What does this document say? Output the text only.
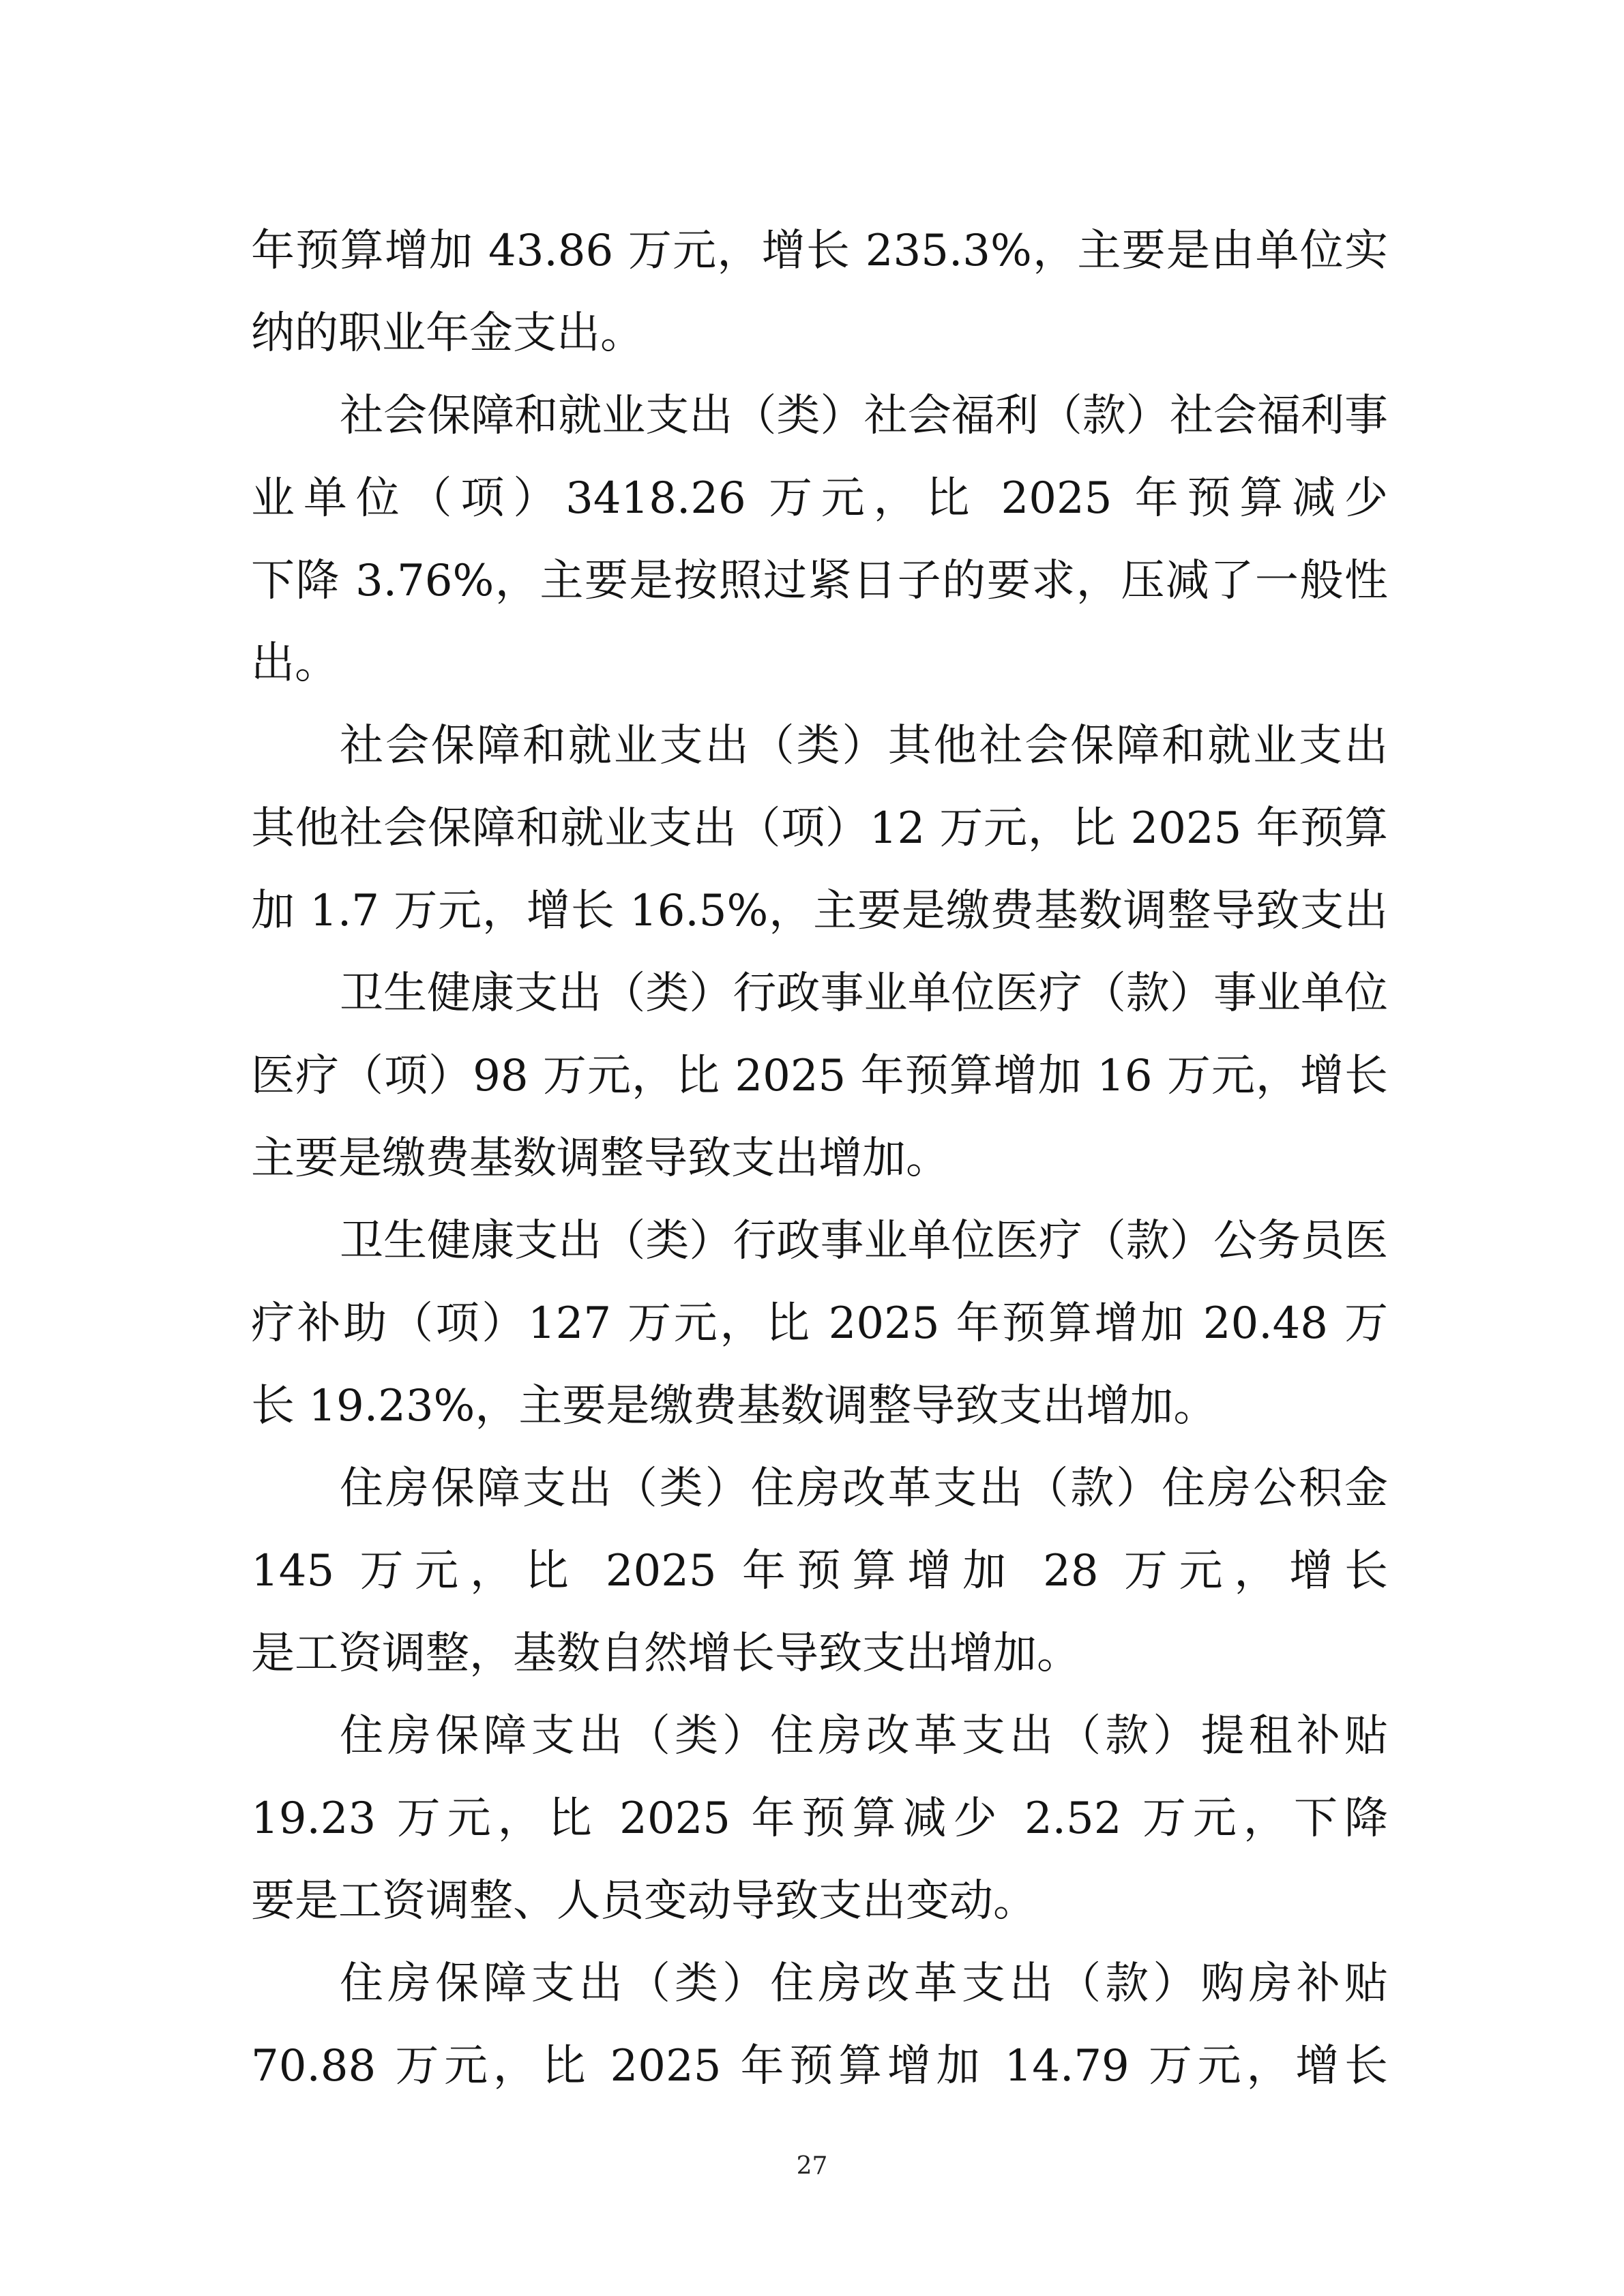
年预算增加 43.86 万元，增长 235.3%，主要是由单位实
纳的职业年金支出。
社会保障和就业支出（类）社会福利（款）社会福利事
业单位（项）3418.26 万元，比 2025 年预算减少
下降 3.76%，主要是按照过紧日子的要求，压减了一般性
出。
社会保障和就业支出（类）其他社会保障和就业支出
其他社会保障和就业支出（项）12 万元，比 2025 年预算
加 1.7 万元，增长 16.5%，主要是缴费基数调整导致支出
卫生健康支出（类）行政事业单位医疗（款）事业单位
医疗（项）98 万元，比 2025 年预算增加 16 万元，增长
主要是缴费基数调整导致支出增加。
卫生健康支出（类）行政事业单位医疗（款）公务员医
疗补助（项）127 万元，比 2025 年预算增加 20.48 万
长 19.23%，主要是缴费基数调整导致支出增加。
住房保障支出（类）住房改革支出（款）住房公积金
145 万元，比 2025 年预算增加 28 万元，增长
是工资调整，基数自然增长导致支出增加。
住房保障支出（类）住房改革支出（款）提租补贴
19.23 万元，比 2025 年预算减少 2.52 万元，下降
要是工资调整、人员变动导致支出变动。
住房保障支出（类）住房改革支出（款）购房补贴
70.88 万元，比 2025 年预算增加 14.79 万元，增长
27
